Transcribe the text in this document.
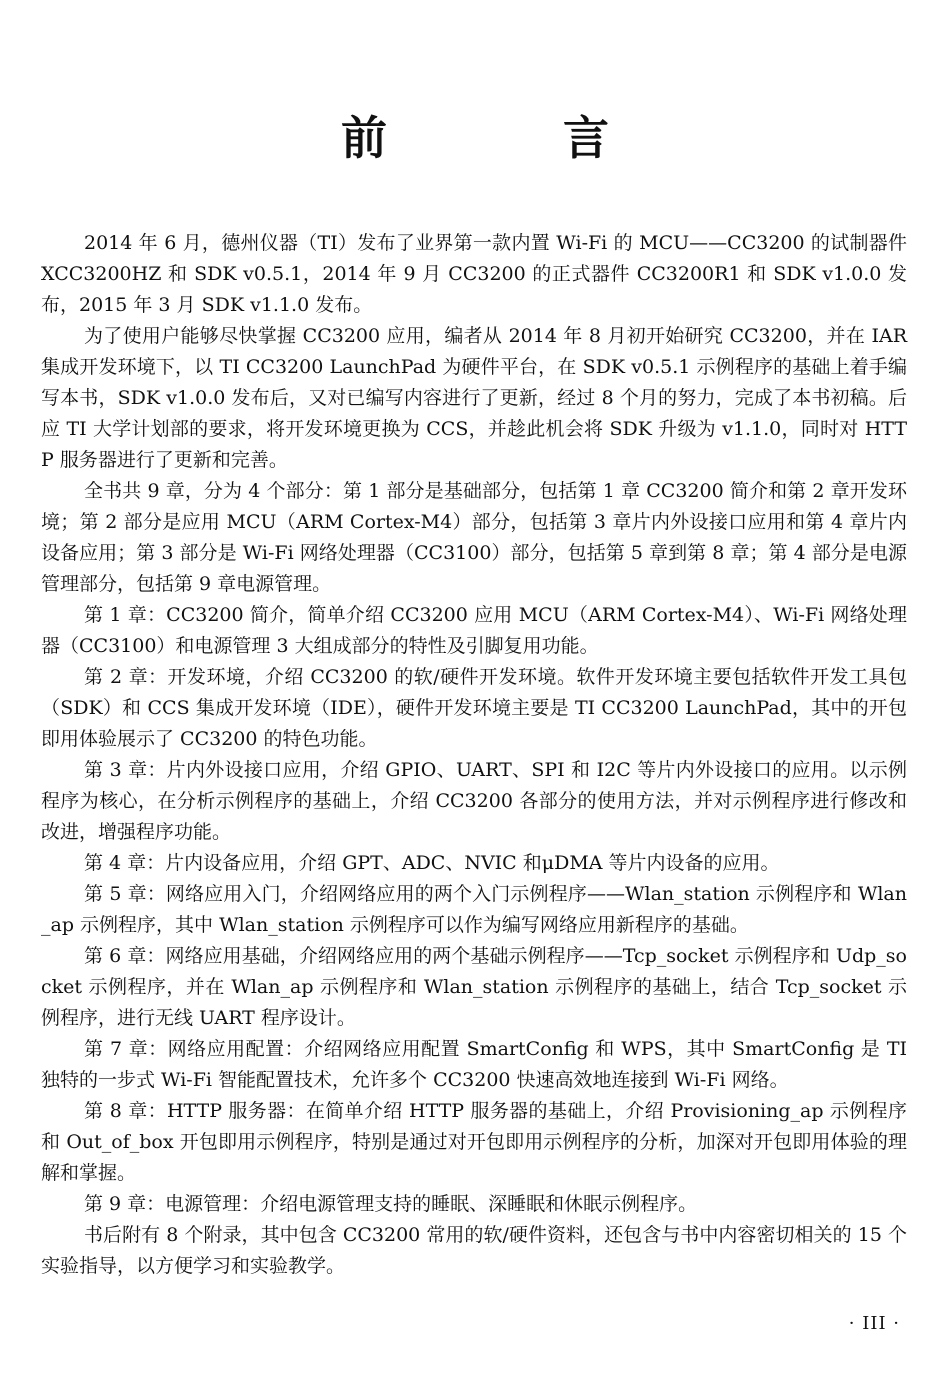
前 言

2014 年 6 月，德州仪器（TI）发布了业界第一款内置 Wi-Fi 的 MCU——CC3200 的试制器件 XCC3200HZ 和 SDK v0.5.1，2014 年 9 月 CC3200 的正式器件 CC3200R1 和 SDK v1.0.0 发布，2015 年 3 月 SDK v1.1.0 发布。

为了使用户能够尽快掌握 CC3200 应用，编者从 2014 年 8 月初开始研究 CC3200，并在 IAR 集成开发环境下，以 TI CC3200 LaunchPad 为硬件平台，在 SDK v0.5.1 示例程序的基础上着手编写本书，SDK v1.0.0 发布后，又对已编写内容进行了更新，经过 8 个月的努力，完成了本书初稿。后应 TI 大学计划部的要求，将开发环境更换为 CCS，并趁此机会将 SDK 升级为 v1.1.0，同时对 HTTP 服务器进行了更新和完善。

全书共 9 章，分为 4 个部分：第 1 部分是基础部分，包括第 1 章 CC3200 简介和第 2 章开发环境；第 2 部分是应用 MCU（ARM Cortex-M4）部分，包括第 3 章片内外设接口应用和第 4 章片内设备应用；第 3 部分是 Wi-Fi 网络处理器（CC3100）部分，包括第 5 章到第 8 章；第 4 部分是电源管理部分，包括第 9 章电源管理。

第 1 章：CC3200 简介，简单介绍 CC3200 应用 MCU（ARM Cortex-M4）、Wi-Fi 网络处理器（CC3100）和电源管理 3 大组成部分的特性及引脚复用功能。

第 2 章：开发环境，介绍 CC3200 的软/硬件开发环境。软件开发环境主要包括软件开发工具包（SDK）和 CCS 集成开发环境（IDE），硬件开发环境主要是 TI CC3200 LaunchPad，其中的开包即用体验展示了 CC3200 的特色功能。

第 3 章：片内外设接口应用，介绍 GPIO、UART、SPI 和 I2C 等片内外设接口的应用。以示例程序为核心，在分析示例程序的基础上，介绍 CC3200 各部分的使用方法，并对示例程序进行修改和改进，增强程序功能。

第 4 章：片内设备应用，介绍 GPT、ADC、NVIC 和μDMA 等片内设备的应用。

第 5 章：网络应用入门，介绍网络应用的两个入门示例程序——Wlan_station 示例程序和 Wlan_ap 示例程序，其中 Wlan_station 示例程序可以作为编写网络应用新程序的基础。

第 6 章：网络应用基础，介绍网络应用的两个基础示例程序——Tcp_socket 示例程序和 Udp_socket 示例程序，并在 Wlan_ap 示例程序和 Wlan_station 示例程序的基础上，结合 Tcp_socket 示例程序，进行无线 UART 程序设计。

第 7 章：网络应用配置：介绍网络应用配置 SmartConfig 和 WPS，其中 SmartConfig 是 TI 独特的一步式 Wi-Fi 智能配置技术，允许多个 CC3200 快速高效地连接到 Wi-Fi 网络。

第 8 章：HTTP 服务器：在简单介绍 HTTP 服务器的基础上，介绍 Provisioning_ap 示例程序和 Out_of_box 开包即用示例程序，特别是通过对开包即用示例程序的分析，加深对开包即用体验的理解和掌握。

第 9 章：电源管理：介绍电源管理支持的睡眠、深睡眠和休眠示例程序。

书后附有 8 个附录，其中包含 CC3200 常用的软/硬件资料，还包含与书中内容密切相关的 15 个实验指导，以方便学习和实验教学。

· III ·
